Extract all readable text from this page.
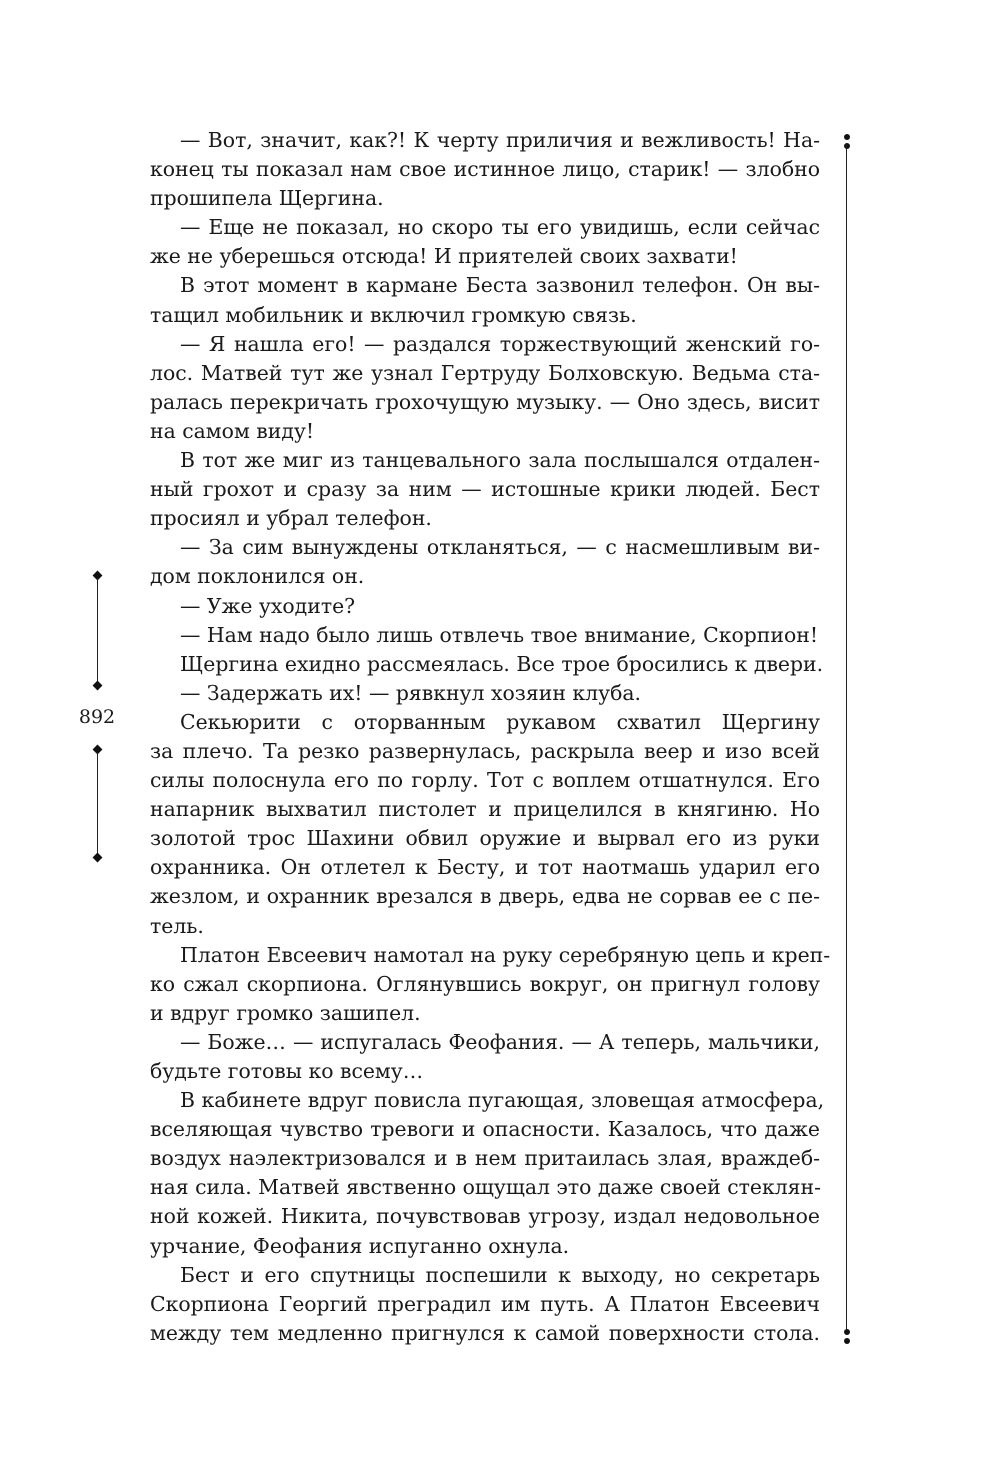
— Вот, значит, как?! К черту приличия и вежливость! На-
конец ты показал нам свое истинное лицо, старик! — злобно
прошипела Щергина.
— Еще не показал, но скоро ты его увидишь, если сейчас
же не уберешься отсюда! И приятелей своих захвати!
В этот момент в кармане Беста зазвонил телефон. Он вы-
тащил мобильник и включил громкую связь.
— Я нашла его! — раздался торжествующий женский го-
лос. Матвей тут же узнал Гертруду Болховскую. Ведьма ста-
ралась перекричать грохочущую музыку. — Оно здесь, висит
на самом виду!
В тот же миг из танцевального зала послышался отдален-
ный грохот и сразу за ним — истошные крики людей. Бест
просиял и убрал телефон.
— За сим вынуждены откланяться, — с насмешливым ви-
дом поклонился он.
— Уже уходите?
— Нам надо было лишь отвлечь твое внимание, Скорпион!
Щергина ехидно рассмеялась. Все трое бросились к двери.
— Задержать их! — рявкнул хозяин клуба.
Секьюрити с оторванным рукавом схватил Щергину
за плечо. Та резко развернулась, раскрыла веер и изо всей
силы полоснула его по горлу. Тот с воплем отшатнулся. Его
напарник выхватил пистолет и прицелился в княгиню. Но
золотой трос Шахини обвил оружие и вырвал его из руки
охранника. Он отлетел к Бесту, и тот наотмашь ударил его
жезлом, и охранник врезался в дверь, едва не сорвав ее с пе-
тель.
Платон Евсеевич намотал на руку серебряную цепь и креп-
ко сжал скорпиона. Оглянувшись вокруг, он пригнул голову
и вдруг громко зашипел.
— Боже… — испугалась Феофания. — А теперь, мальчики,
будьте готовы ко всему…
В кабинете вдруг повисла пугающая, зловещая атмосфера,
вселяющая чувство тревоги и опасности. Казалось, что даже
воздух наэлектризовался и в нем притаилась злая, враждеб-
ная сила. Матвей явственно ощущал это даже своей стеклян-
ной кожей. Никита, почувствовав угрозу, издал недовольное
урчание, Феофания испуганно охнула.
Бест и его спутницы поспешили к выходу, но секретарь
Скорпиона Георгий преградил им путь. А Платон Евсеевич
между тем медленно пригнулся к самой поверхности стола.
892
